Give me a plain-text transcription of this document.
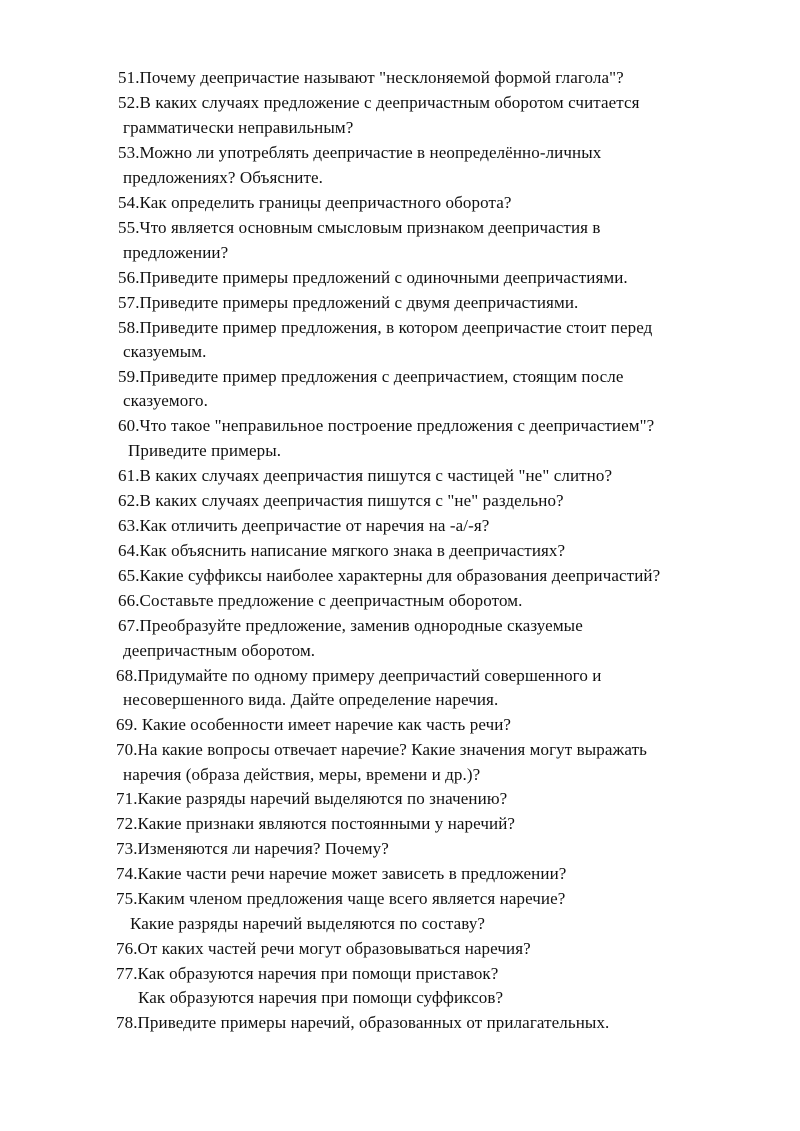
51.Почему деепричастие называют "несклоняемой формой глагола"?
52.В каких случаях предложение с деепричастным оборотом считается
грамматически неправильным?
53.Можно ли употреблять деепричастие в неопределённо-личных
предложениях? Объясните.
54.Как определить границы деепричастного оборота?
55.Что является основным смысловым признаком деепричастия в
предложении?
56.Приведите примеры предложений с одиночными деепричастиями.
57.Приведите примеры предложений с двумя деепричастиями.
58.Приведите пример предложения, в котором деепричастие стоит перед
сказуемым.
59.Приведите пример предложения с деепричастием, стоящим после
сказуемого.
60.Что такое "неправильное построение предложения с деепричастием"?
Приведите примеры.
61.В каких случаях деепричастия пишутся с частицей "не" слитно?
62.В каких случаях деепричастия пишутся с "не" раздельно?
63.Как отличить деепричастие от наречия на -а/-я?
64.Как объяснить написание мягкого знака в деепричастиях?
65.Какие суффиксы наиболее характерны для образования деепричастий?
66.Составьте предложение с деепричастным оборотом.
67.Преобразуйте предложение, заменив однородные сказуемые
деепричастным оборотом.
68.Придумайте по одному примеру деепричастий совершенного и
несовершенного вида. Дайте определение наречия.
69. Какие особенности имеет наречие как часть речи?
70.На какие вопросы отвечает наречие? Какие значения могут выражать
наречия (образа действия, меры, времени и др.)?
71.Какие разряды наречий выделяются по значению?
72.Какие признаки являются постоянными у наречий?
73.Изменяются ли наречия? Почему?
74.Какие части речи наречие может зависеть в предложении?
75.Каким членом предложения чаще всего является наречие?
Какие разряды наречий выделяются по составу?
76.От каких частей речи могут образовываться наречия?
77.Как образуются наречия при помощи приставок?
Как образуются наречия при помощи суффиксов?
78.Приведите примеры наречий, образованных от прилагательных.
